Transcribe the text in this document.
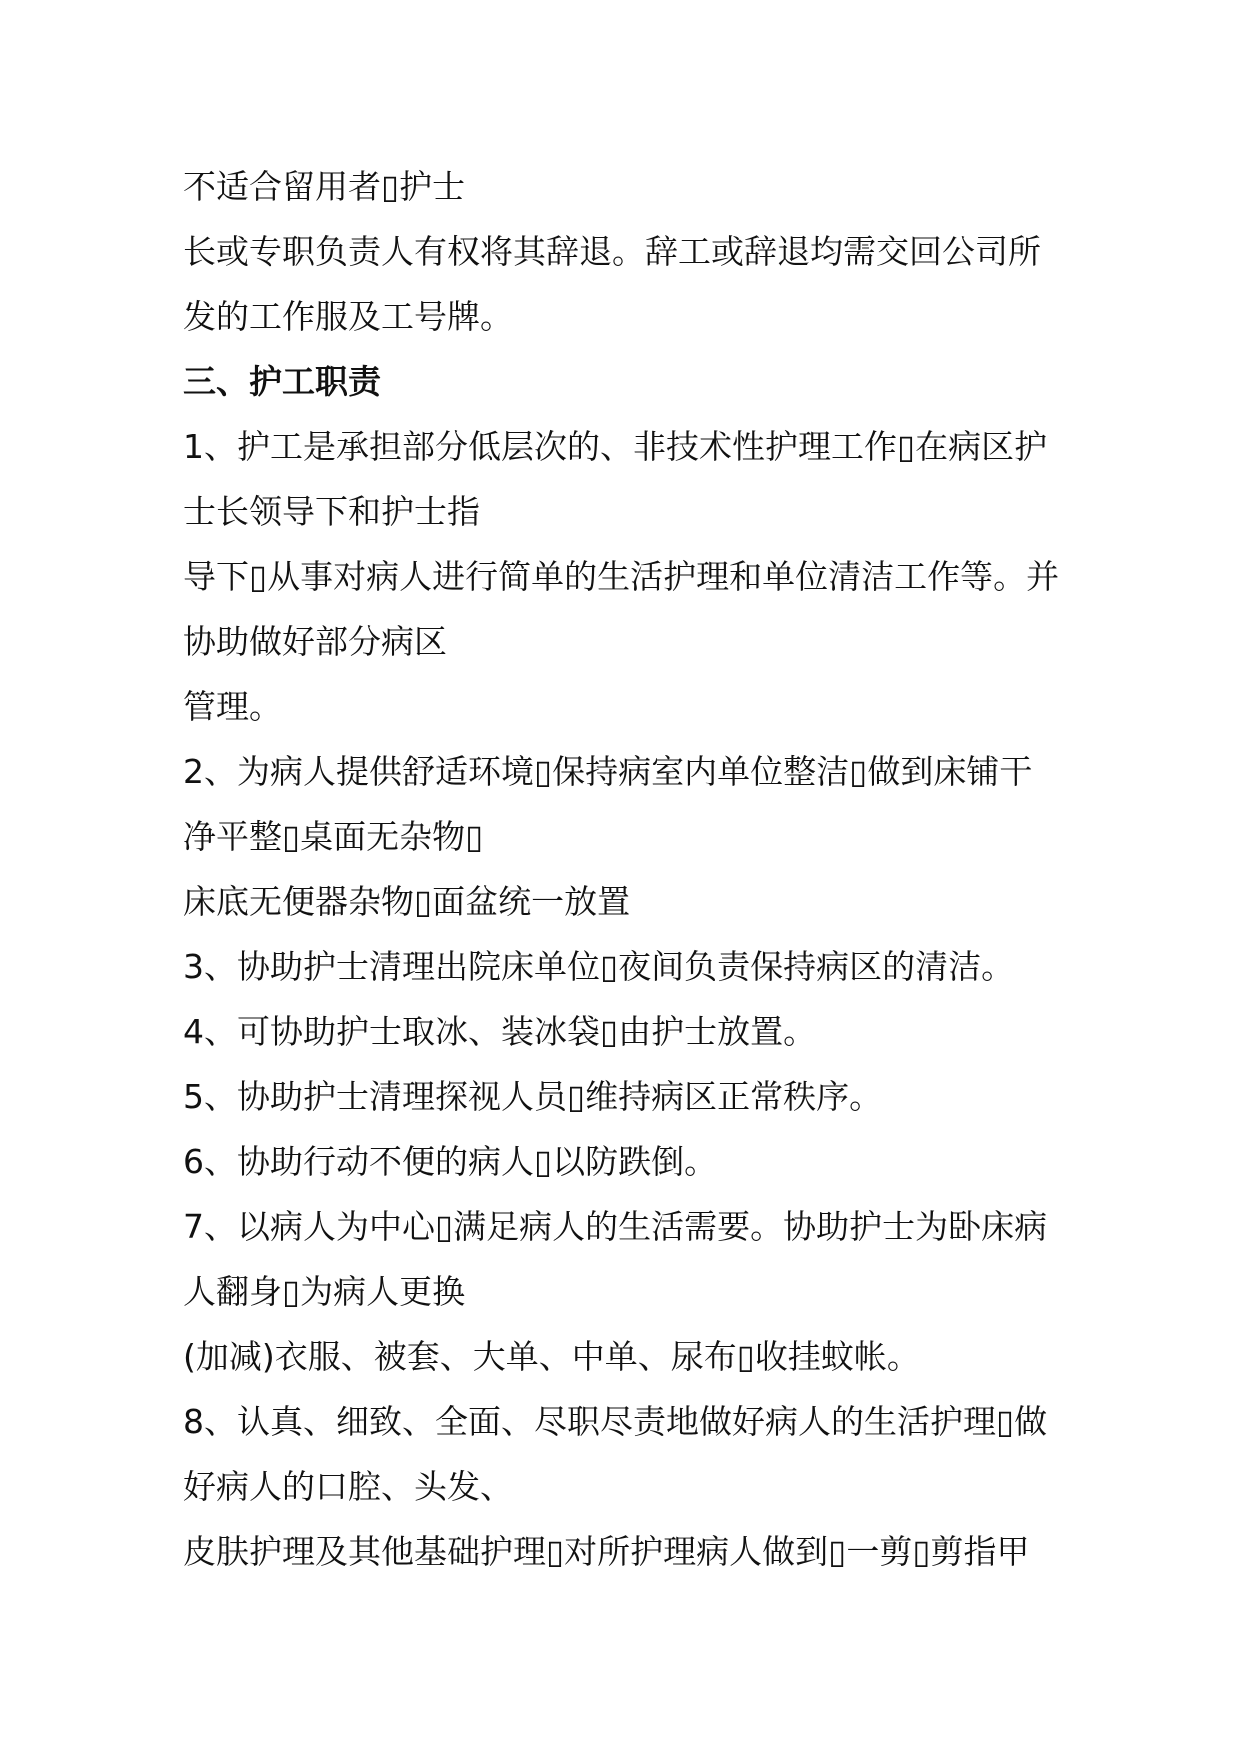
不适合留用者▯护士
长或专职负责人有权将其辞退。辞工或辞退均需交回公司所
发的工作服及工号牌。
三、护工职责
1、护工是承担部分低层次的、非技术性护理工作▯在病区护
士长领导下和护士指
导下▯从事对病人进行简单的生活护理和单位清洁工作等。并
协助做好部分病区
管理。
2、为病人提供舒适环境▯保持病室内单位整洁▯做到床铺干
净平整▯桌面无杂物▯
床底无便器杂物▯面盆统一放置
3、协助护士清理出院床单位▯夜间负责保持病区的清洁。
4、可协助护士取冰、装冰袋▯由护士放置。
5、协助护士清理探视人员▯维持病区正常秩序。
6、协助行动不便的病人▯以防跌倒。
7、以病人为中心▯满足病人的生活需要。协助护士为卧床病
人翻身▯为病人更换
(加减)衣服、被套、大单、中单、尿布▯收挂蚊帐。
8、认真、细致、全面、尽职尽责地做好病人的生活护理▯做
好病人的口腔、头发、
皮肤护理及其他基础护理▯对所护理病人做到▯一剪▯剪指甲
